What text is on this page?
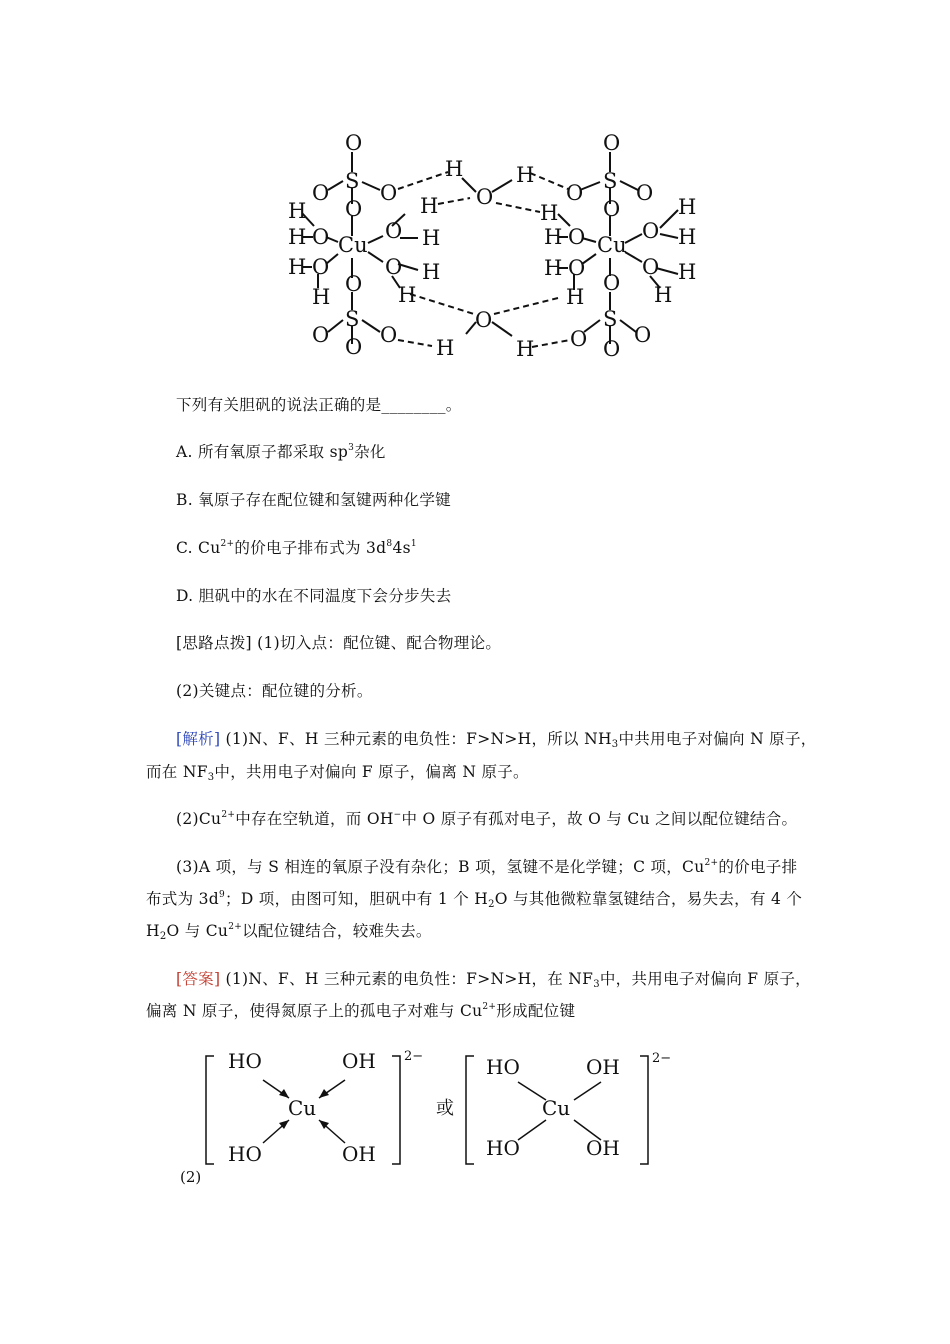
O
S
O O
O
Cu
O
S
O O
O
H
H O
H O
H
O H
H
O H
H
H
O
H
H
O
H	H
O
S
O	O
O
Cu
O
S
O O
O
H O
H O
H
O
H
H
O H
H
下列有关胆矾的说法正确的是________。
A. 所有氧原子都采取 $sp^3$杂化
B. 氧原子存在配位键和氢键两种化学键
C. $Cu^{2+}$的价电子排布式为 $3d^84s^1$
D. 胆矾中的水在不同温度下会分步失去
[思路点拨] (1)切入点：配位键、配合物理论。
(2)关键点：配位键的分析。
[解析] (1)N、F、H 三种元素的电负性：F>N>H，所以 $NH_3$中共用电子对偏向 N 原子，
而在 $NF_3$中，共用电子对偏向 F 原子，偏离 N 原子。
$(2)Cu^{2+}$中存在空轨道，而 OH−中 O 原子有孤对电子，故 O 与 Cu 之间以配位键结合。
(3)A 项，与 S 相连的氧原子没有杂化；B 项，氢键不是化学键；C 项，$Cu^{2+}$的价电子排
布式为 $3d^9$；D 项，由图可知，胆矾中有 1 个 $H_2O$ 与其他微粒靠氢键结合，易失去，有 4 个
$H_2O$ 与 $Cu^{2+}$以配位键结合，较难失去。
[答案] (1)N、F、H 三种元素的电负性：F>N>H，在 $NF_3$中，共用电子对偏向 F 原子，
偏离 N 原子，使得氮原子上的孤电子对难与 $Cu^{2+}$形成配位键
HO	OH
Cu
HO	OH
HO	OH
Cu
HO	OH
2−	2−
或
(2)
